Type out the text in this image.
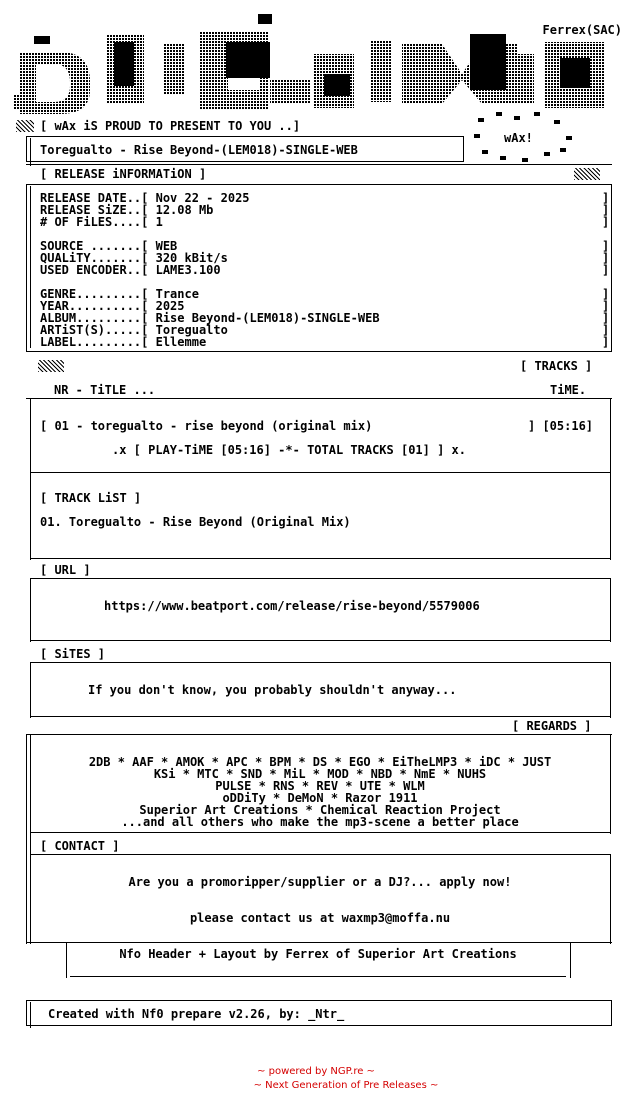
Ferrex(SAC)
[ wAx iS PROUD TO PRESENT TO YOU ..]
wAx!
Toregualto - Rise Beyond-(LEM018)-SINGLE-WEB
[ RELEASE iNFORMATiON ]
RELEASE DATE..[ Nov 22 - 2025
RELEASE SiZE..[ 12.08 Mb
# OF FiLES....[ 1

SOURCE .......[ WEB
QUALiTY.......[ 320 kBit/s
USED ENCODER..[ LAME3.100

GENRE.........[ Trance
YEAR..........[ 2025
ALBUM.........[ Rise Beyond-(LEM018)-SINGLE-WEB
ARTiST(S).....[ Toregualto
LABEL.........[ Ellemme
]
]
]

]
]
]

]
]
]
]
]
[ TRACKS ]
NR - TiTLE ...	TiME.
[ 01 - toregualto - rise beyond (original mix)	] [05:16]
.x [ PLAY-TiME [05:16] -*- TOTAL TRACKS [01] ] x.
[ TRACK LiST ]
01. Toregualto - Rise Beyond (Original Mix)
[ URL ]
https://www.beatport.com/release/rise-beyond/5579006
[ SiTES ]
If you don't know, you probably shouldn't anyway...
[ REGARDS ]
2DB * AAF * AMOK * APC * BPM * DS * EGO * EiTheLMP3 * iDC * JUST
KSi * MTC * SND * MiL * MOD * NBD * NmE * NUHS
PULSE * RNS * REV * UTE * WLM
oDDiTy * DeMoN * Razor 1911
Superior Art Creations * Chemical Reaction Project
...and all others who make the mp3-scene a better place
[ CONTACT ]
Are you a promoripper/supplier or a DJ?... apply now!
please contact us at waxmp3@moffa.nu
Nfo Header + Layout by Ferrex of Superior Art Creations
Created with Nf0 prepare v2.26, by: _Ntr_
~ powered by NGP.re ~
~ Next Generation of Pre Releases ~
